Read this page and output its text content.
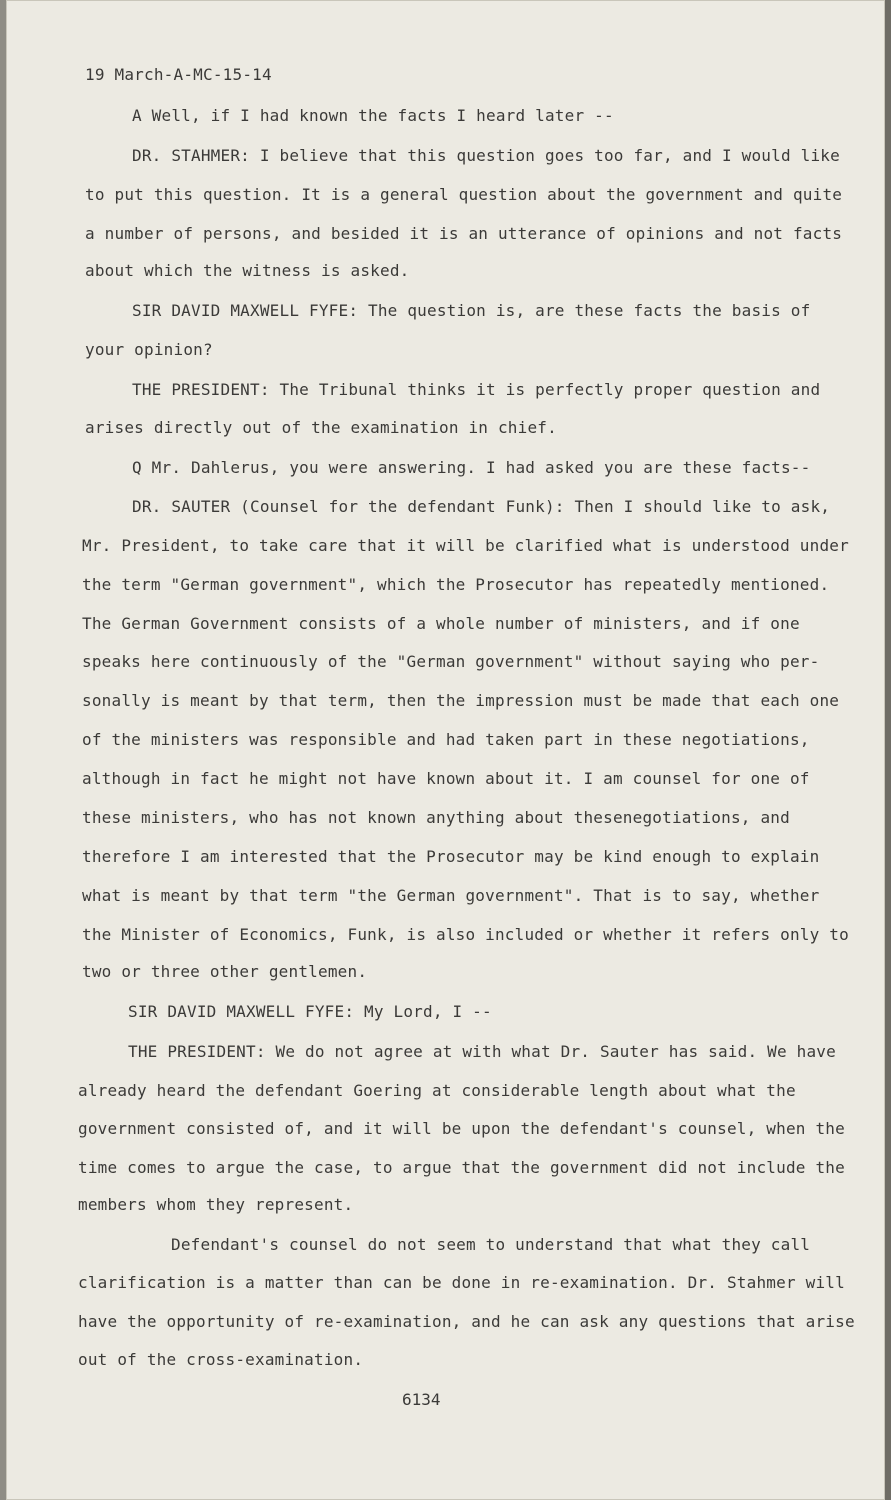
19 March-A-MC-15-14
A Well, if I had known the facts I heard later --
DR. STAHMER: I believe that this question goes too far, and I would like
to put this question. It is a general question about the government and quite
a number of persons, and besided it is an utterance of opinions and not facts
about which the witness is asked.
SIR DAVID MAXWELL FYFE: The question is, are these facts the basis of
your opinion?
THE PRESIDENT: The Tribunal thinks it is perfectly proper question and
arises directly out of the examination in chief.
Q Mr. Dahlerus, you were answering. I had asked you are these facts--
DR. SAUTER (Counsel for the defendant Funk): Then I should like to ask,
Mr. President, to take care that it will be clarified what is understood under
the term "German government", which the Prosecutor has repeatedly mentioned.
The German Government consists of a whole number of ministers, and if one
speaks here continuously of the "German government" without saying who per-
sonally is meant by that term, then the impression must be made that each one
of the ministers was responsible and had taken part in these negotiations,
although in fact he might not have known about it. I am counsel for one of
these ministers, who has not known anything about thesenegotiations, and
therefore I am interested that the Prosecutor may be kind enough to explain
what is meant by that term "the German government". That is to say, whether
the Minister of Economics, Funk, is also included or whether it refers only to
two or three other gentlemen.
SIR DAVID MAXWELL FYFE: My Lord, I --
THE PRESIDENT: We do not agree at with what Dr. Sauter has said. We have
already heard the defendant Goering at considerable length about what the
government consisted of, and it will be upon the defendant's counsel, when the
time comes to argue the case, to argue that the government did not include the
members whom they represent.
Defendant's counsel do not seem to understand that what they call
clarification is a matter than can be done in re-examination. Dr. Stahmer will
have the opportunity of re-examination, and he can ask any questions that arise
out of the cross-examination.
6134
